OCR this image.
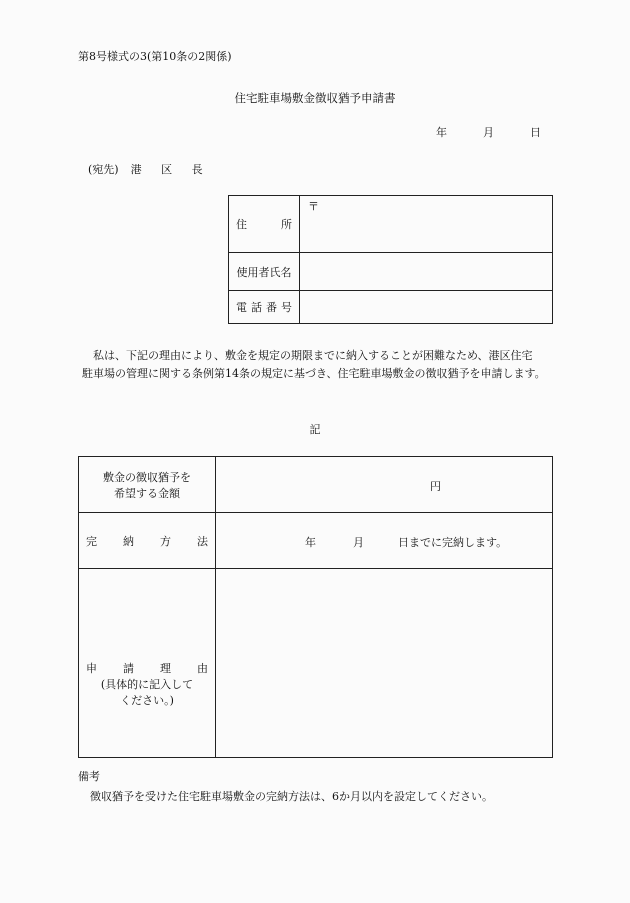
第8号様式の3(第10条の2関係)
住宅駐車場敷金徴収猶予申請書
年	月	日
(宛先) 港 区 長
住所	〒
使用者氏名	
電話番号	

私は、下記の理由により、敷金を規定の期限までに納入することが困難なため、港区住宅

駐車場の管理に関する条例第14条の規定に基づき、住宅駐車場敷金の徴収猶予を申請します。

記
敷金の徴収猶予を
希望する金額	円

完納方法	年 月 日までに完納します。

申請理由
(具体的に記入して
ください。)	

備考
徴収猶予を受けた住宅駐車場敷金の完納方法は、6か月以内を設定してください。
